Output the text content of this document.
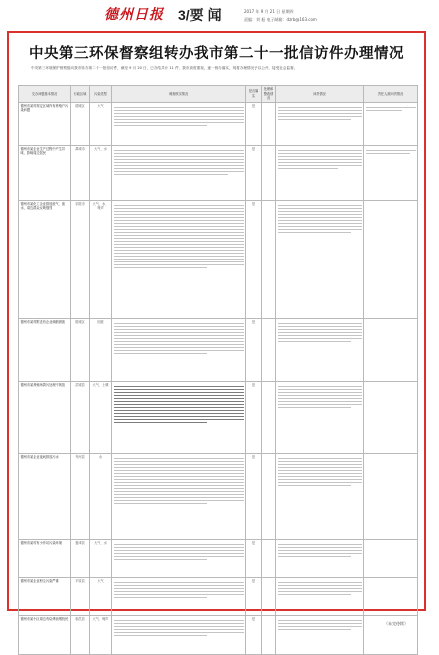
德州日报 3/要 闻	2017 年 9 月 21 日 星期四
责编：刘 振 电子邮箱：dzrb@163.com
中央第三环保督察组转办我市第二十一批信访件办理情况
中央第三环境保护督察组向我市转办第二十一批信访件，截至 9 月 20 日，已办结共计 11 件，我市高度重视，逐一督办落实，现将办理情况予以公开，接受社会监督。
交办问题基本情况	行政区域	污染类型	调查核实情况	是否属实	处理和整改情况	问责情况	责任人被问责情况
德州市某村规定区域内有养殖户污染问题	德城区	大气		是		

德州市某企业生产过程中产生异味，影响周边居民	禹城市	大气、水		是		

德州市某化工企业排放废气、废水，周边群众反映强烈	乐陵市	大气、水、噪声		是		

德州市某村附近有企业倾倒固废	陵城区	固废		是		

德州市某养殖场粪污处理不规范	武城县	大气、土壤		是		

德州市某企业夜间排放污水	齐河县	水		是		

德州市某村有小作坊污染环境	夏津县	大气、水		是		

德州市某企业粉尘污染严重	平原县	大气		是		

德州市某小区周边有烧烤油烟扰民	临邑县	大气、噪声		是		

（未完待续）
